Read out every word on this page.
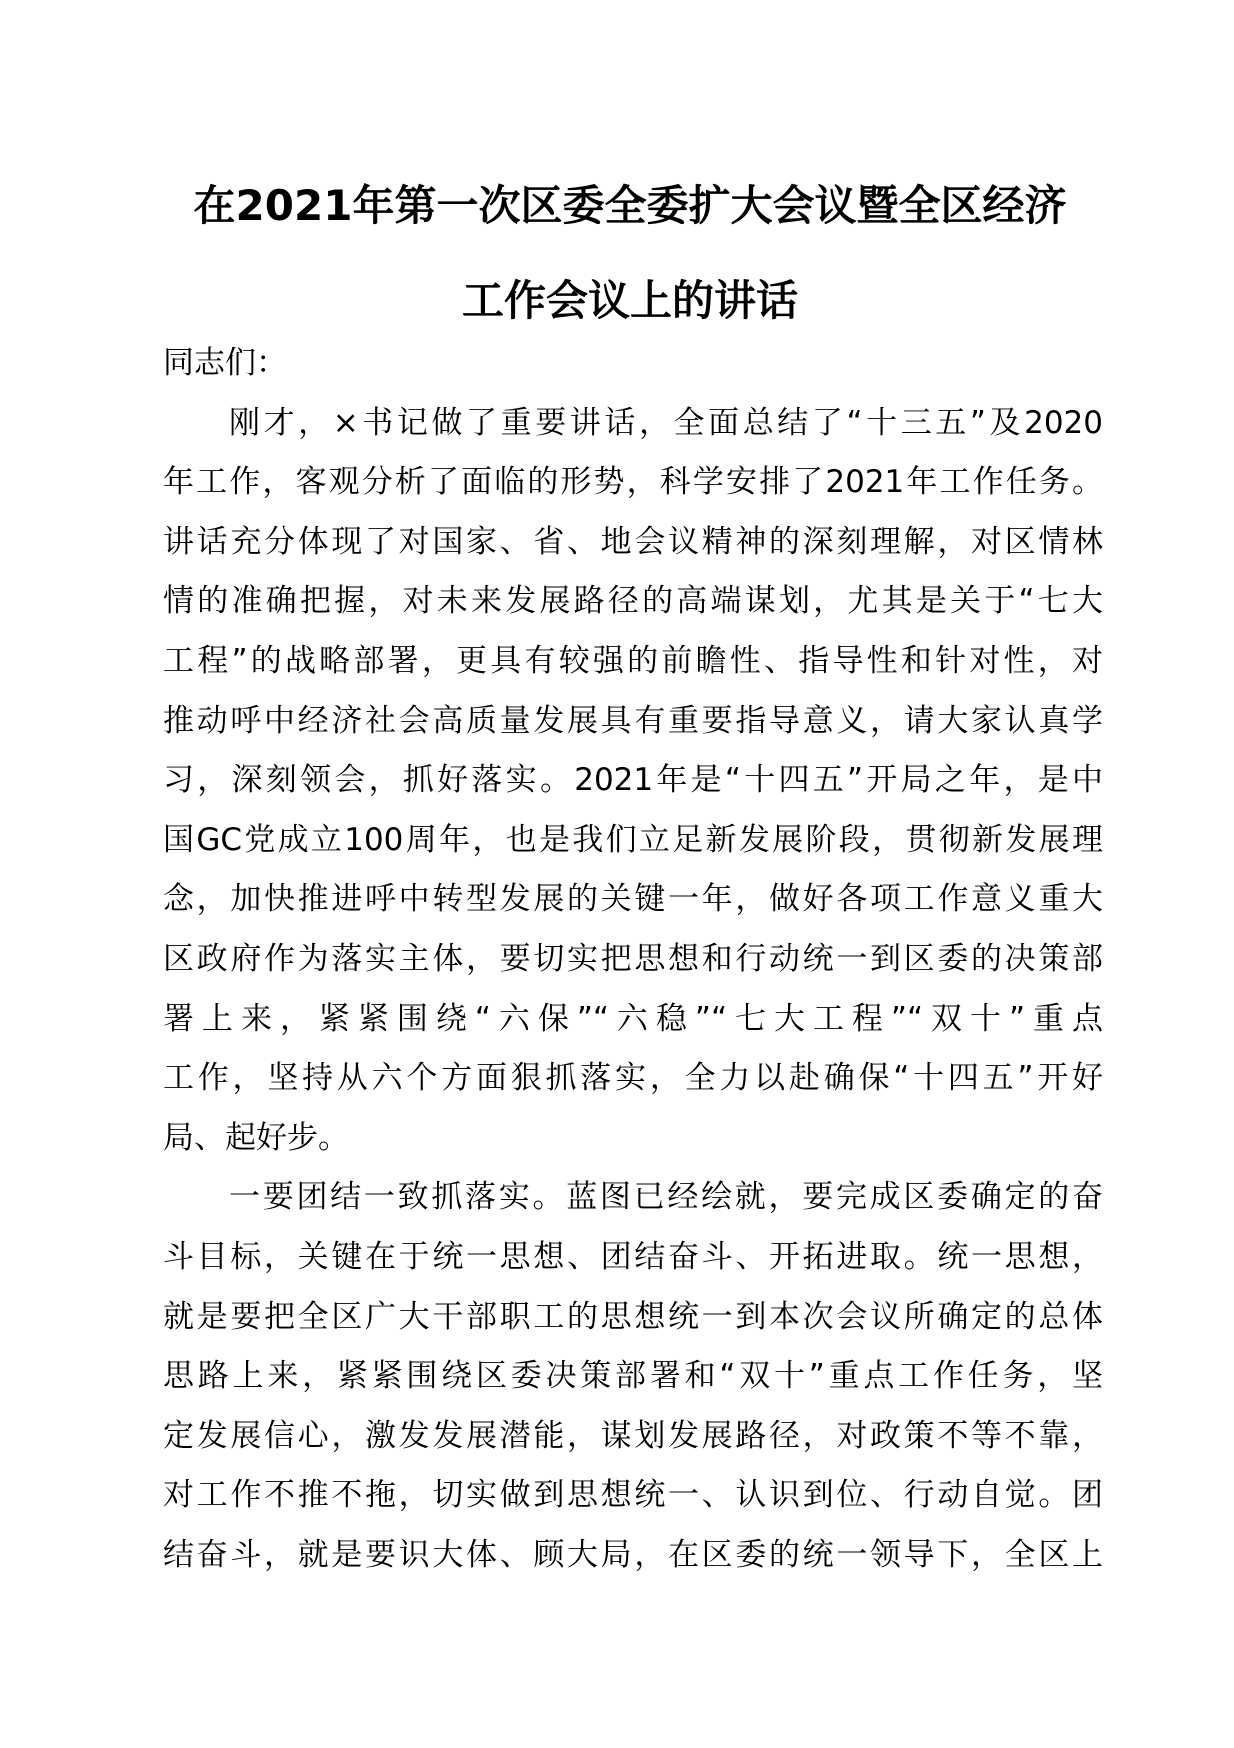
在2021年第一次区委全委扩大会议暨全区经济
工作会议上的讲话
同志们：
刚才，×书记做了重要讲话，全面总结了“十三五”及2020
年工作，客观分析了面临的形势，科学安排了2021年工作任务。
讲话充分体现了对国家、省、地会议精神的深刻理解，对区情林
情的准确把握，对未来发展路径的高端谋划，尤其是关于“七大
工程”的战略部署，更具有较强的前瞻性、指导性和针对性，对
推动呼中经济社会高质量发展具有重要指导意义，请大家认真学
习，深刻领会，抓好落实。2021年是“十四五”开局之年，是中
国GC党成立100周年，也是我们立足新发展阶段，贯彻新发展理
念，加快推进呼中转型发展的关键一年，做好各项工作意义重大
区政府作为落实主体，要切实把思想和行动统一到区委的决策部
署上来，紧紧围绕“六保”“六稳”“七大工程”“双十”重点
工作，坚持从六个方面狠抓落实，全力以赴确保“十四五”开好
局、起好步。
一要团结一致抓落实。蓝图已经绘就，要完成区委确定的奋
斗目标，关键在于统一思想、团结奋斗、开拓进取。统一思想，
就是要把全区广大干部职工的思想统一到本次会议所确定的总体
思路上来，紧紧围绕区委决策部署和“双十”重点工作任务，坚
定发展信心，激发发展潜能，谋划发展路径，对政策不等不靠，
对工作不推不拖，切实做到思想统一、认识到位、行动自觉。团
结奋斗，就是要识大体、顾大局，在区委的统一领导下，全区上
